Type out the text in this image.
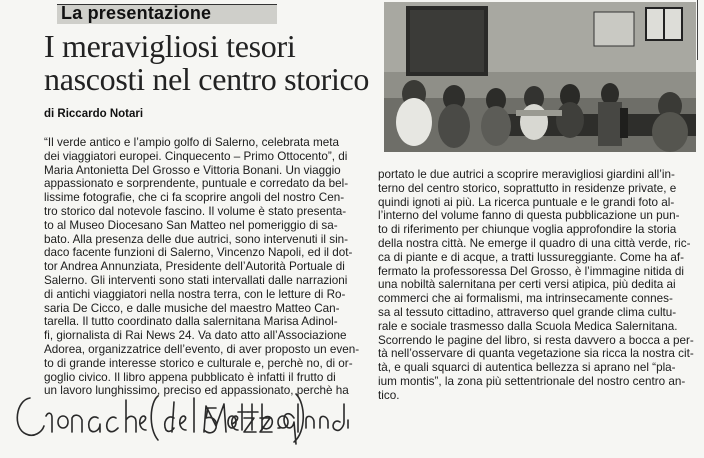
La presentazione
I meravigliosi tesori
nascosti nel centro storico
di Riccardo Notari
“Il verde antico e l’ampio golfo di Salerno, celebrata meta
dei viaggiatori europei. Cinquecento – Primo Ottocento”, di
Maria Antonietta Del Grosso e Vittoria Bonani. Un viaggio
appassionato e sorprendente, puntuale e corredato da bel-
lissime fotografie, che ci fa scoprire angoli del nostro Cen-
tro storico dal notevole fascino. Il volume è stato presenta-
to al Museo Diocesano San Matteo nel pomeriggio di sa-
bato. Alla presenza delle due autrici, sono intervenuti il sin-
daco facente funzioni di Salerno, Vincenzo Napoli, ed il dot-
tor Andrea Annunziata, Presidente dell’Autorità Portuale di
Salerno. Gli interventi sono stati intervallati dalle narrazioni
di antichi viaggiatori nella nostra terra, con le letture di Ro-
saria De Cicco, e dalle musiche del maestro Matteo Can-
tarella. Il tutto coordinato dalla salernitana Marisa Adinol-
fi, giornalista di Rai News 24. Va dato atto all’Associazione
Adorea, organizzatrice dell’evento, di aver proposto un even-
to di grande interesse storico e culturale e, perchè no, di or-
goglio civico. Il libro appena pubblicato è infatti il frutto di
un lavoro lunghissimo, preciso ed appassionato, perchè ha
portato le due autrici a scoprire meravigliosi giardini all’in-
terno del centro storico, soprattutto in residenze private, e
quindi ignoti ai più. La ricerca puntuale e le grandi foto al-
l’interno del volume fanno di questa pubblicazione un pun-
to di riferimento per chiunque voglia approfondire la storia
della nostra città. Ne emerge il quadro di una città verde, ric-
ca di piante e di acque, a tratti lussureggiante. Come ha af-
fermato la professoressa Del Grosso, è l’immagine nitida di
una nobiltà salernitana per certi versi atipica, più dedita ai
commerci che ai formalismi, ma intrinsecamente connes-
sa al tessuto cittadino, attraverso quel grande clima cultu-
rale e sociale trasmesso dalla Scuola Medica Salernitana.
Scorrendo le pagine del libro, si resta davvero a bocca a per-
tà nell’osservare di quanta vegetazione sia ricca la nostra cit-
tà, e quali squarci di autentica bellezza si aprano nel “pla-
ium montis”, la zona più settentrionale del nostro centro an-
tico.
